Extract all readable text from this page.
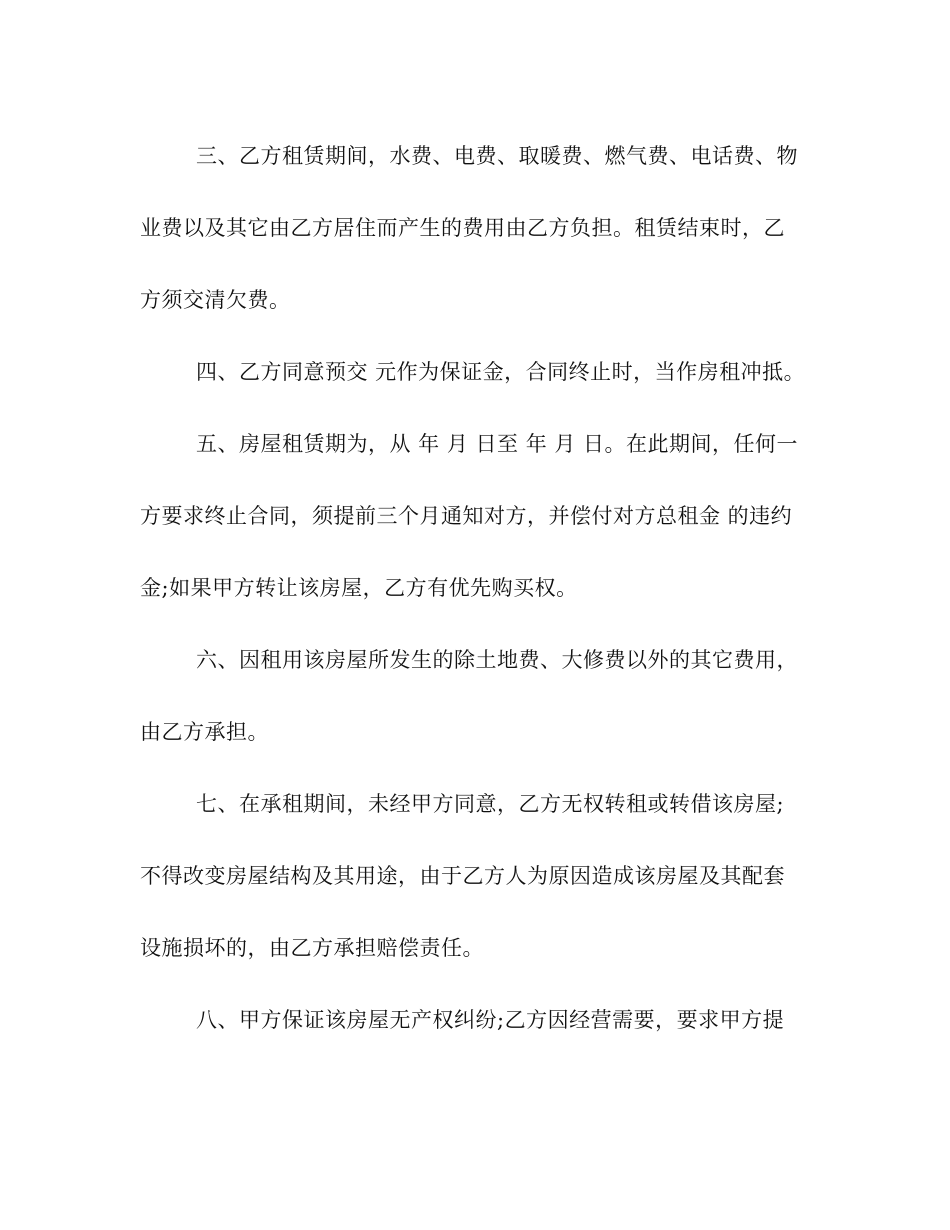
三、乙方租赁期间，水费、电费、取暖费、燃气费、电话费、物
业费以及其它由乙方居住而产生的费用由乙方负担。租赁结束时，乙
方须交清欠费。
四、乙方同意预交 元作为保证金，合同终止时，当作房租冲抵。
五、房屋租赁期为，从 年 月 日至 年 月 日。在此期间，任何一
方要求终止合同，须提前三个月通知对方，并偿付对方总租金 的违约
金;如果甲方转让该房屋，乙方有优先购买权。
六、因租用该房屋所发生的除土地费、大修费以外的其它费用，
由乙方承担。
七、在承租期间，未经甲方同意，乙方无权转租或转借该房屋;
不得改变房屋结构及其用途，由于乙方人为原因造成该房屋及其配套
设施损坏的，由乙方承担赔偿责任。
八、甲方保证该房屋无产权纠纷;乙方因经营需要，要求甲方提
